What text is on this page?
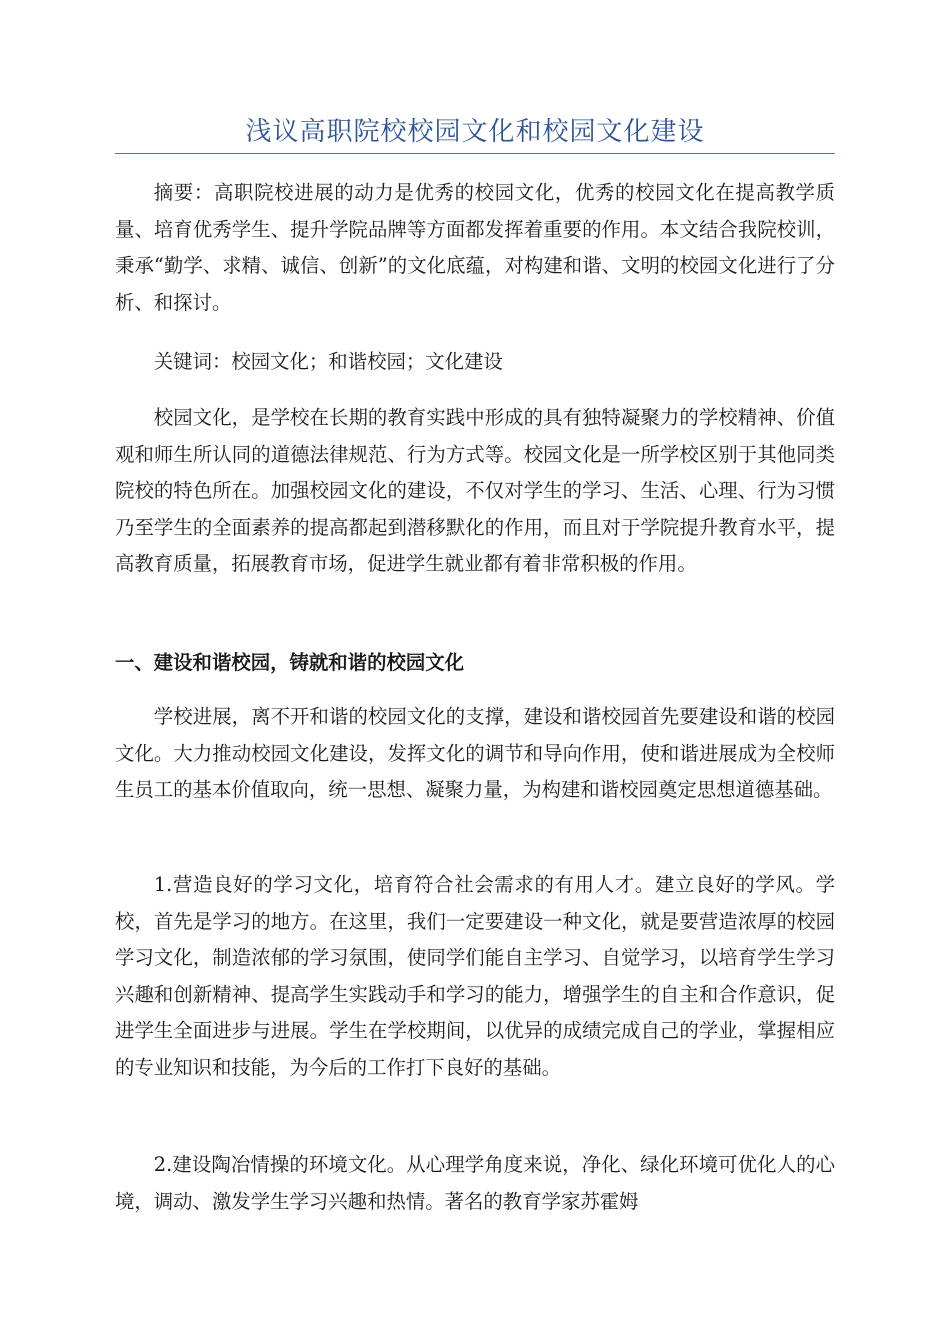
浅议高职院校校园文化和校园文化建设

摘要：高职院校进展的动力是优秀的校园文化，优秀的校园文化在提高教学质量、培育优秀学生、提升学院品牌等方面都发挥着重要的作用。本文结合我院校训，秉承“勤学、求精、诚信、创新”的文化底蕴，对构建和谐、文明的校园文化进行了分析、和探讨。

关键词：校园文化；和谐校园；文化建设

校园文化，是学校在长期的教育实践中形成的具有独特凝聚力的学校精神、价值观和师生所认同的道德法律规范、行为方式等。校园文化是一所学校区别于其他同类院校的特色所在。加强校园文化的建设，不仅对学生的学习、生活、心理、行为习惯乃至学生的全面素养的提高都起到潜移默化的作用，而且对于学院提升教育水平，提高教育质量，拓展教育市场，促进学生就业都有着非常积极的作用。

一、建设和谐校园，铸就和谐的校园文化

学校进展，离不开和谐的校园文化的支撑，建设和谐校园首先要建设和谐的校园文化。大力推动校园文化建设，发挥文化的调节和导向作用，使和谐进展成为全校师生员工的基本价值取向，统一思想、凝聚力量，为构建和谐校园奠定思想道德基础。

1.营造良好的学习文化，培育符合社会需求的有用人才。建立良好的学风。学校，首先是学习的地方。在这里，我们一定要建设一种文化，就是要营造浓厚的校园学习文化，制造浓郁的学习氛围，使同学们能自主学习、自觉学习，以培育学生学习兴趣和创新精神、提高学生实践动手和学习的能力，增强学生的自主和合作意识，促进学生全面进步与进展。学生在学校期间，以优异的成绩完成自己的学业，掌握相应的专业知识和技能，为今后的工作打下良好的基础。

2.建设陶冶情操的环境文化。从心理学角度来说，净化、绿化环境可优化人的心境，调动、激发学生学习兴趣和热情。著名的教育学家苏霍姆
